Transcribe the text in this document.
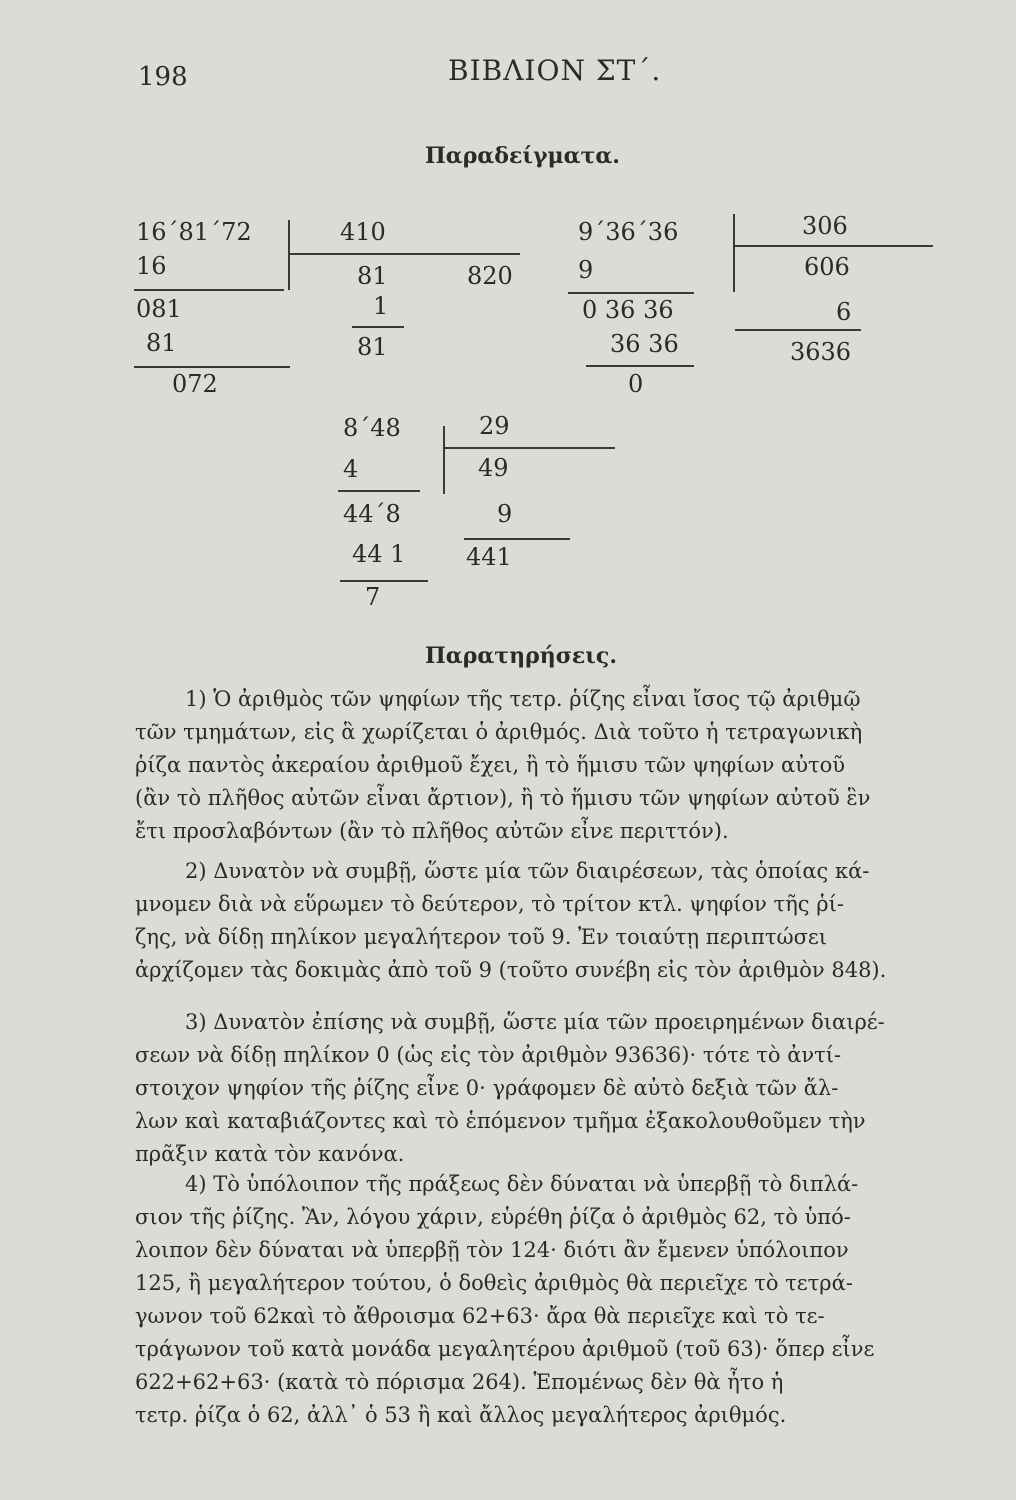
198	ΒΙΒΛΙΟΝ ΣΤ΄.
Παραδείγματα.
16΄81΄72
16
081
81
072
410
81	820
1
81
9΄36΄36
9
0 36 36
36 36
0
306
606
6
3636
8΄48
4
44΄8
44 1
7
29
49
9
441
Παρατηρήσεις.
1) Ὁ ἀριθμὸς τῶν ψηφίων τῆς τετρ. ῥίζης εἶναι ἴσος τῷ ἀριθμῷ
τῶν τμημάτων, εἰς ἃ χωρίζεται ὁ ἀριθμός. Διὰ τοῦτο ἡ τετραγωνικὴ
ῥίζα παντὸς ἀκεραίου ἀριθμοῦ ἔχει, ἢ τὸ ἥμισυ τῶν ψηφίων αὐτοῦ
(ἂν τὸ πλῆθος αὐτῶν εἶναι ἄρτιον), ἢ τὸ ἥμισυ τῶν ψηφίων αὐτοῦ ἓν
ἔτι προσλαβόντων (ἂν τὸ πλῆθος αὐτῶν εἶνε περιττόν).
2) Δυνατὸν νὰ συμβῇ, ὥστε μία τῶν διαιρέσεων, τὰς ὁποίας κά-
μνομεν διὰ νὰ εὕρωμεν τὸ δεύτερον, τὸ τρίτον κτλ. ψηφίον τῆς ῥί-
ζης, νὰ δίδῃ πηλίκον μεγαλήτερον τοῦ 9. Ἐν τοιαύτῃ περιπτώσει
ἀρχίζομεν τὰς δοκιμὰς ἀπὸ τοῦ 9 (τοῦτο συνέβη εἰς τὸν ἀριθμὸν 848).
3) Δυνατὸν ἐπίσης νὰ συμβῇ, ὥστε μία τῶν προειρημένων διαιρέ-
σεων νὰ δίδῃ πηλίκον 0 (ὡς εἰς τὸν ἀριθμὸν 93636)· τότε τὸ ἀντί-
στοιχον ψηφίον τῆς ῥίζης εἶνε 0· γράφομεν δὲ αὐτὸ δεξιὰ τῶν ἄλ-
λων καὶ καταβιάζοντες καὶ τὸ ἑπόμενον τμῆμα ἐξακολουθοῦμεν τὴν
πρᾶξιν κατὰ τὸν κανόνα.
4) Τὸ ὑπόλοιπον τῆς πράξεως δὲν δύναται νὰ ὑπερβῇ τὸ διπλά-
σιον τῆς ῥίζης. Ἂν, λόγου χάριν, εὑρέθη ῥίζα ὁ ἀριθμὸς 62, τὸ ὑπό-
λοιπον δὲν δύναται νὰ ὑπερβῇ τὸν 124· διότι ἂν ἔμενεν ὑπόλοιπον
125, ἢ μεγαλήτερον τούτου, ὁ δοθεὶς ἀριθμὸς θὰ περιεῖχε τὸ τετρά-
γωνον τοῦ 62καὶ τὸ ἄθροισμα 62+63· ἄρα θὰ περιεῖχε καὶ τὸ τε-
τράγωνον τοῦ κατὰ μονάδα μεγαλητέρου ἀριθμοῦ (τοῦ 63)· ὅπερ εἶνε
622+62+63· (κατὰ τὸ πόρισμα 264). Ἑπομένως δὲν θὰ ἦτο ἡ
τετρ. ῥίζα ὁ 62, ἀλλ᾽ ὁ 53 ἢ καὶ ἄλλος μεγαλήτερος ἀριθμός.
